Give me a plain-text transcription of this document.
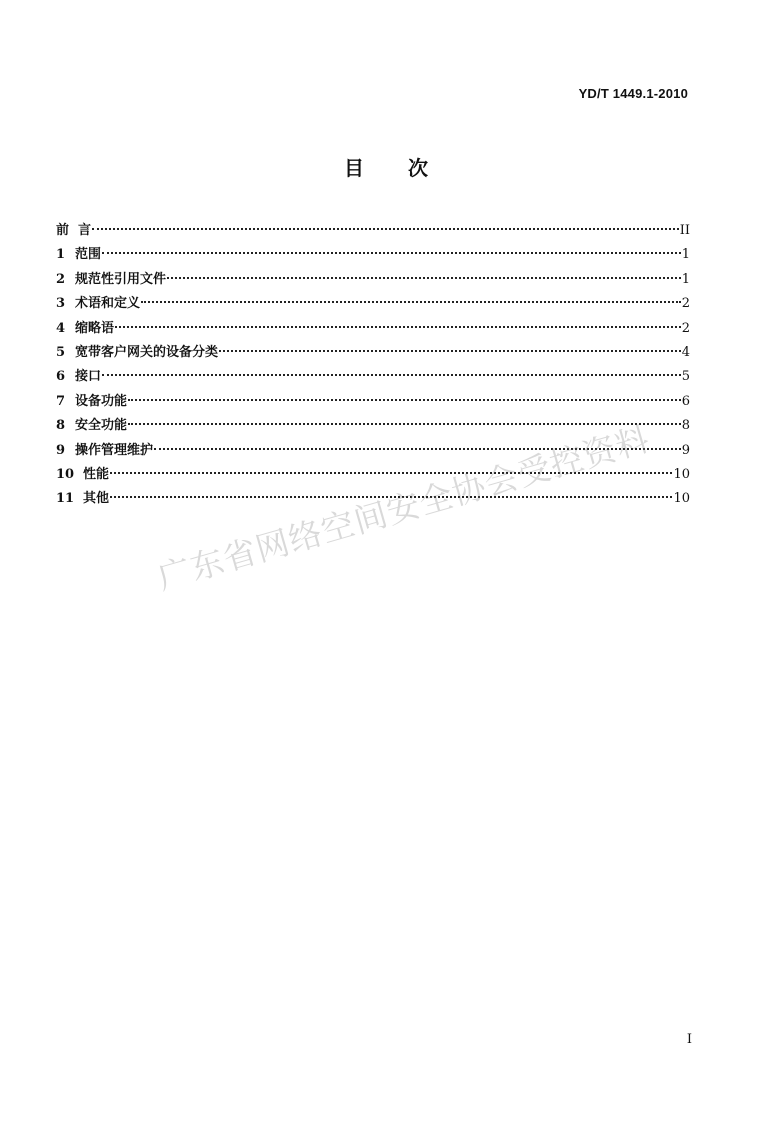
YD/T 1449.1-2010
目 次
前  言	II
1 范围	1
2 规范性引用文件	1
3 术语和定义	2
4 缩略语	2
5 宽带客户网关的设备分类	4
6 接口	5
7 设备功能	6
8 安全功能	8
9 操作管理维护	9
10 性能	10
11 其他	10
广东省网络空间安全协会受控资料
I
